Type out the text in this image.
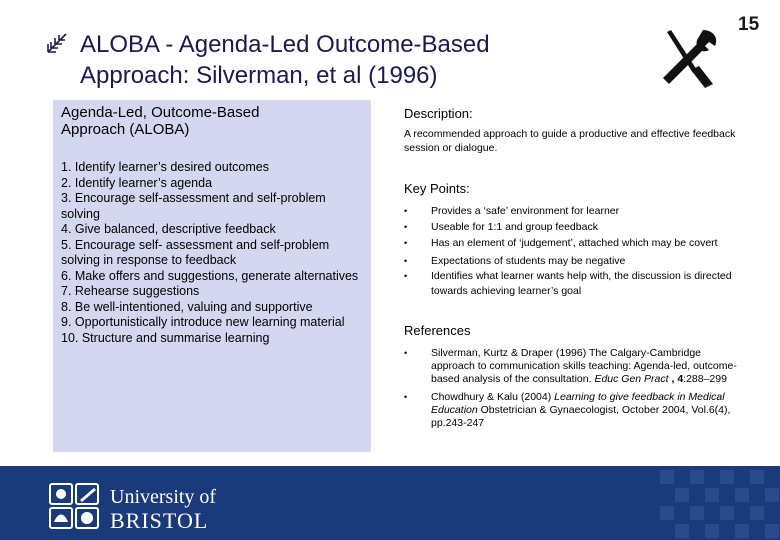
15
ALOBA - Agenda-Led Outcome-Based
Approach: Silverman, et al (1996)
Agenda-Led, Outcome-Based
Approach (ALOBA)
1. Identify learner’s desired outcomes
2. Identify learner’s agenda
3. Encourage self-assessment and self-problem solving
4. Give balanced, descriptive feedback
5. Encourage self- assessment and self-problem solving in response to feedback
6. Make offers and suggestions, generate alternatives
7. Rehearse suggestions
8. Be well-intentioned, valuing and supportive
9. Opportunistically introduce new learning material
10. Structure and summarise learning
Description:
A recommended approach to guide a productive and effective feedback session or dialogue.
Key Points:
• Provides a ‘safe’ environment for learner
• Useable for 1:1 and group feedback
• Has an element of ‘judgement’, attached which may be covert
• Expectations of students may be negative
• Identifies what learner wants help with, the discussion is directed towards achieving learner’s goal
References
• Silverman, Kurtz & Draper (1996) The Calgary-Cambridge approach to communication skills teaching: Agenda-led, outcome-based analysis of the consultation. Educ Gen Pract , 4:288–299
• Chowdhury & Kalu (2004) Learning to give feedback in Medical Education Obstetrician & Gynaecologist, October 2004, Vol.6(4), pp.243-247
University of
BRISTOL
